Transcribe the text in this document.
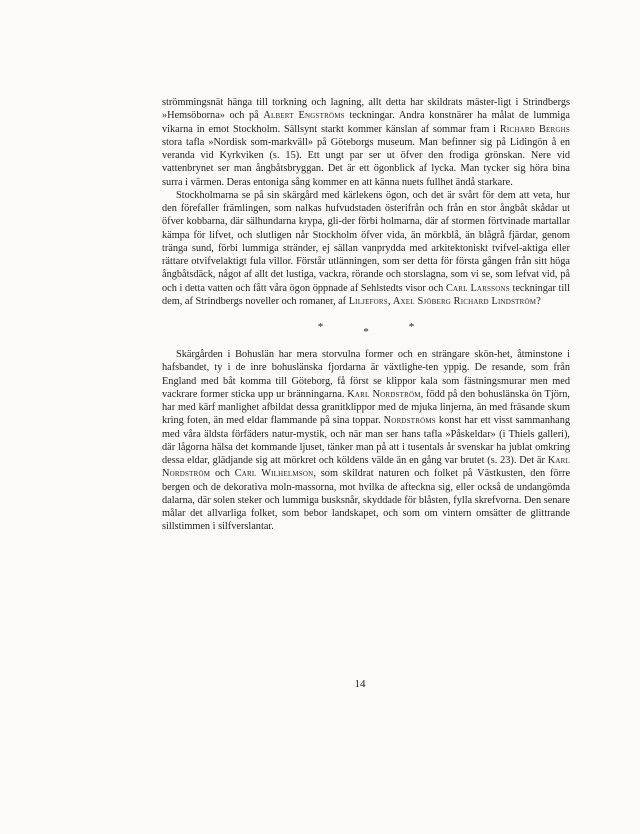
strömmingsnät hänga till torkning och lagning, allt detta har skildrats mäster-ligt i Strindbergs »Hemsöborna» och på Albert Engströms teckningar. Andra konstnärer ha målat de lummiga vikarna in emot Stockholm. Sällsynt starkt kommer känslan af sommar fram i Richard Berghs stora tafla »Nordisk som-markväll» på Göteborgs museum. Man befinner sig på Lidingön å en veranda vid Kyrkviken (s. 15). Ett ungt par ser ut öfver den frodiga grönskan. Nere vid vattenbrynet ser man ångbåtsbryggan. Det är ett ögonblick af lycka. Man tycker sig höra bina surra i värmen. Deras entoniga sång kommer en att känna nuets fullhet ändå starkare.

Stockholmarna se på sin skärgård med kärlekens ögon, och det är svårt för dem att veta, hur den förefaller främlingen, som nalkas hufvudstaden österifrån och från en stor ångbåt skådar ut öfver kobbarna, där sälhundarna krypa, gli-der förbi holmarna, där af stormen förtvinade martallar kämpa för lifvet, och slutligen når Stockholm öfver vida, än mörkblå, än blågrå fjärdar, genom tränga sund, förbi lummiga stränder, ej sällan vanprydda med arkitektoniskt tvifvel-aktiga eller rättare otvifvelaktigt fula villor. Förstår utlänningen, som ser detta för första gången från sitt höga ångbåtsdäck, något af allt det lustiga, vackra, rörande och storslagna, som vi se, som lefvat vid, på och i detta vatten och fått våra ögon öppnade af Sehlstedts visor och Carl Larssons teckningar till dem, af Strindbergs noveller och romaner, af Liljefors, Axel Sjöberg Richard Lindström?

*	*	*

Skärgården i Bohuslän har mera storvulna former och en strängare skön-het, åtminstone i hafsbandet, ty i de inre bohuslänska fjordarna är växtlighe-ten yppig. De resande, som från England med båt komma till Göteborg, få först se klippor kala som fästningsmurar men med vackrare former sticka upp ur bränningarna. Karl Nordström, född på den bohuslänska ön Tjörn, har med kärf manlighet afbildat dessa granitklippor med de mjuka linjerna, än med fräsande skum kring foten, än med eldar flammande på sina toppar. Nordströms konst har ett visst sammanhang med våra äldsta förfäders natur-mystik, och när man ser hans tafla »Påskeldar» (i Thiels galleri), där lågorna hälsa det kommande ljuset, tänker man på att i tusentals år svenskar ha jublat omkring dessa eldar, glädjande sig att mörkret och köldens välde än en gång var brutet (s. 23). Det är Karl Nordström och Carl Wilhelmson, som skildrat naturen och folket på Västkusten, den förre bergen och de dekorativa moln-massorna, mot hvilka de afteckna sig, eller också de undangömda dalarna, där solen steker och lummiga busksnår, skyddade för blåsten, fylla skrefvorna. Den senare målar det allvarliga folket, som bebor landskapet, och som om vintern omsätter de glittrande sillstimmen i silfverslantar.

14
